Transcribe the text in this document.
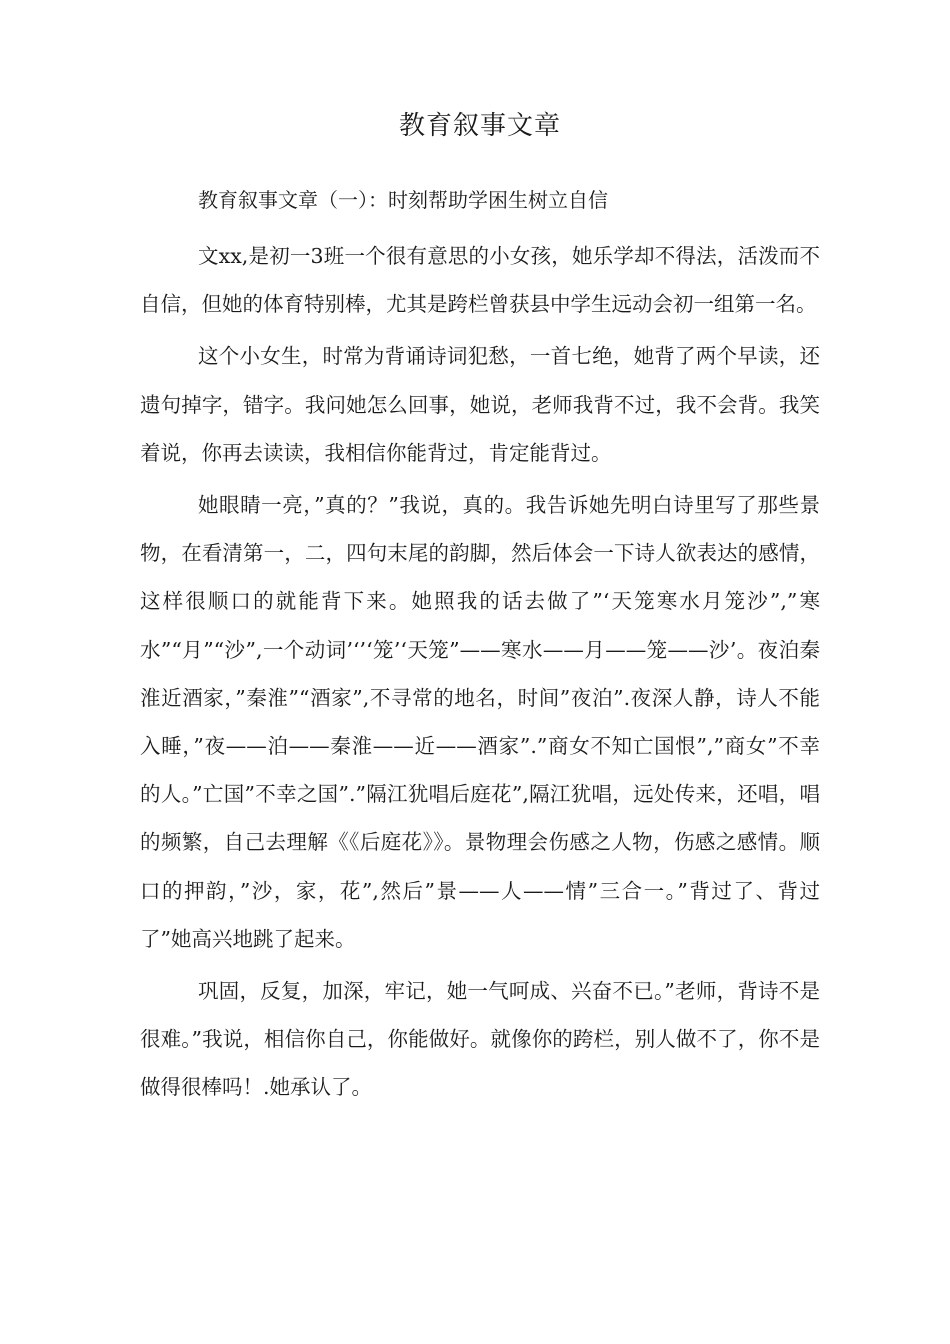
教育叙事文章
教育叙事文章（一）：时刻帮助学困生树立自信

文xx,是初一3班一个很有意思的小女孩，她乐学却不得法，活泼而不自信，但她的体育特别棒，尤其是跨栏曾获县中学生远动会初一组第一名。

这个小女生，时常为背诵诗词犯愁，一首七绝，她背了两个早读，还遗句掉字，错字。我问她怎么回事，她说，老师我背不过，我不会背。我笑着说，你再去读读，我相信你能背过，肯定能背过。

她眼睛一亮，”真的？”我说，真的。我告诉她先明白诗里写了那些景物，在看清第一，二，四句末尾的韵脚，然后体会一下诗人欲表达的感情，这样很顺口的就能背下来。她照我的话去做了”‘天笼寒水月笼沙”,”寒水”“月”“沙”,一个动词’‘’‘笼’‘天笼”——寒水——月——笼——沙’。夜泊秦淮近酒家，”秦淮”“酒家”,不寻常的地名，时间”夜泊”.夜深人静，诗人不能入睡，”夜——泊——秦淮——近——酒家”.”商女不知亡国恨”,”商女”不幸的人。”亡国”不幸之国”.”隔江犹唱后庭花”,隔江犹唱，远处传来，还唱，唱的频繁，自己去理解《《后庭花》》。景物理会伤感之人物，伤感之感情。顺口的押韵，”沙，家，花”,然后”景——人——情”三合一。”背过了、背过了”她高兴地跳了起来。

巩固，反复，加深，牢记，她一气呵成、兴奋不已。”老师，背诗不是很难。”我说，相信你自己，你能做好。就像你的跨栏，别人做不了，你不是做得很棒吗！.她承认了。
